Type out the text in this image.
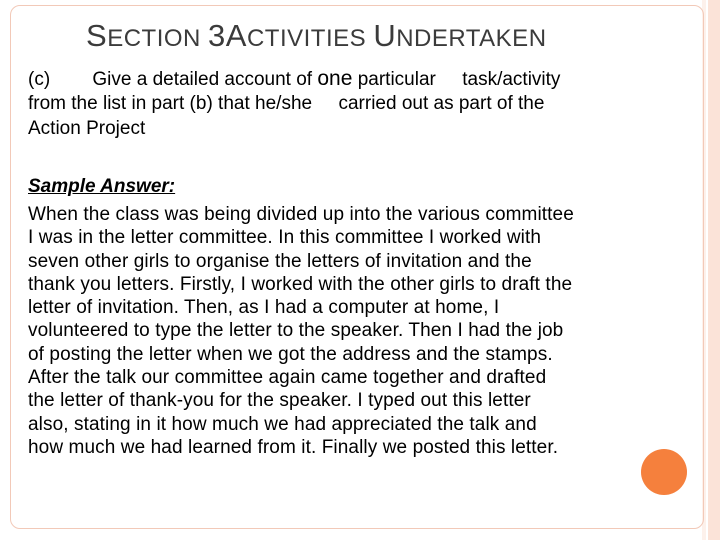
SECTION 3ACTIVITIES UNDERTAKEN
(c)        Give a detailed account of one particular     task/activity
from the list in part (b) that he/she     carried out as part of the
Action Project
Sample Answer:
When the class was being divided up into the various committee
I was in the letter committee. In this committee I worked with
seven other girls to organise the letters of invitation and the
thank you letters. Firstly, I worked with the other girls to draft the
letter of invitation. Then, as I had a computer at home, I
volunteered to type the letter to the speaker. Then I had the job
of posting the letter when we got the address and the stamps.
After the talk our committee again came together and drafted
the letter of thank-you for the speaker. I typed out this letter
also, stating in it how much we had appreciated the talk and
how much we had learned from it. Finally we posted this letter.
